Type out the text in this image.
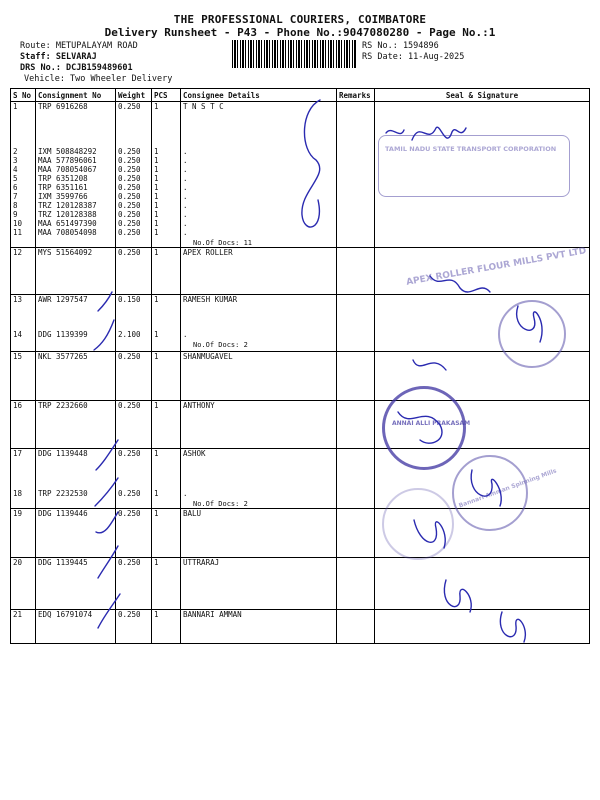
THE PROFESSIONAL COURIERS, COIMBATORE
Delivery Runsheet - P43 - Phone No.:9047080280 - Page No.:1
Route: METUPALAYAM ROAD
Staff: SELVARAJ
DRS No.: DCJB159489601
Vehicle: Two Wheeler Delivery
RS No.: 1594896
RS Date: 11-Aug-2025
S No	Consignment No	Weight	PCS	Consignee Details	Remarks	Seal & Signature
1	TRP 6916268	0.250	1	T N S T C		
2	IXM 508848292	0.250	1	.		
3	MAA 577896061	0.250	1	.		
4	MAA 708054067	0.250	1	.		
5	TRP 6351208	0.250	1	.		
6	TRP 6351161	0.250	1	.		
7	IXM 3599766	0.250	1	.		
8	TRZ 120128387	0.250	1	.		
9	TRZ 120128388	0.250	1	.		
10	MAA 651497390	0.250	1	.		
11	MAA 708054098	0.250	1	.
No.Of Docs: 11		

12	MYS 51564092	0.250	1	APEX ROLLER		
13	AWR 1297547	0.150	1	RAMESH KUMAR		
14	DDG 1139399	2.100	1	.
No.Of Docs: 2		

15	NKL 3577265	0.250	1	SHANMUGAVEL		
16	TRP 2232660	0.250	1	ANTHONY		
17	DDG 1139448	0.250	1	ASHOK		
18	TRP 2232530	0.250	1	.
No.Of Docs: 2		

19	DDG 1139446	0.250	1	BALU		
20	DDG 1139445	0.250	1	UTTRARAJ		
21	EDQ 16791074	0.250	1	BANNARI AMMAN		
TAMIL NADU STATE TRANSPORT CORPORATION
APEX ROLLER FLOUR MILLS PVT LTD
ANNAI ALLI PRAKASAM
Bannari Amman Spinning Mills
